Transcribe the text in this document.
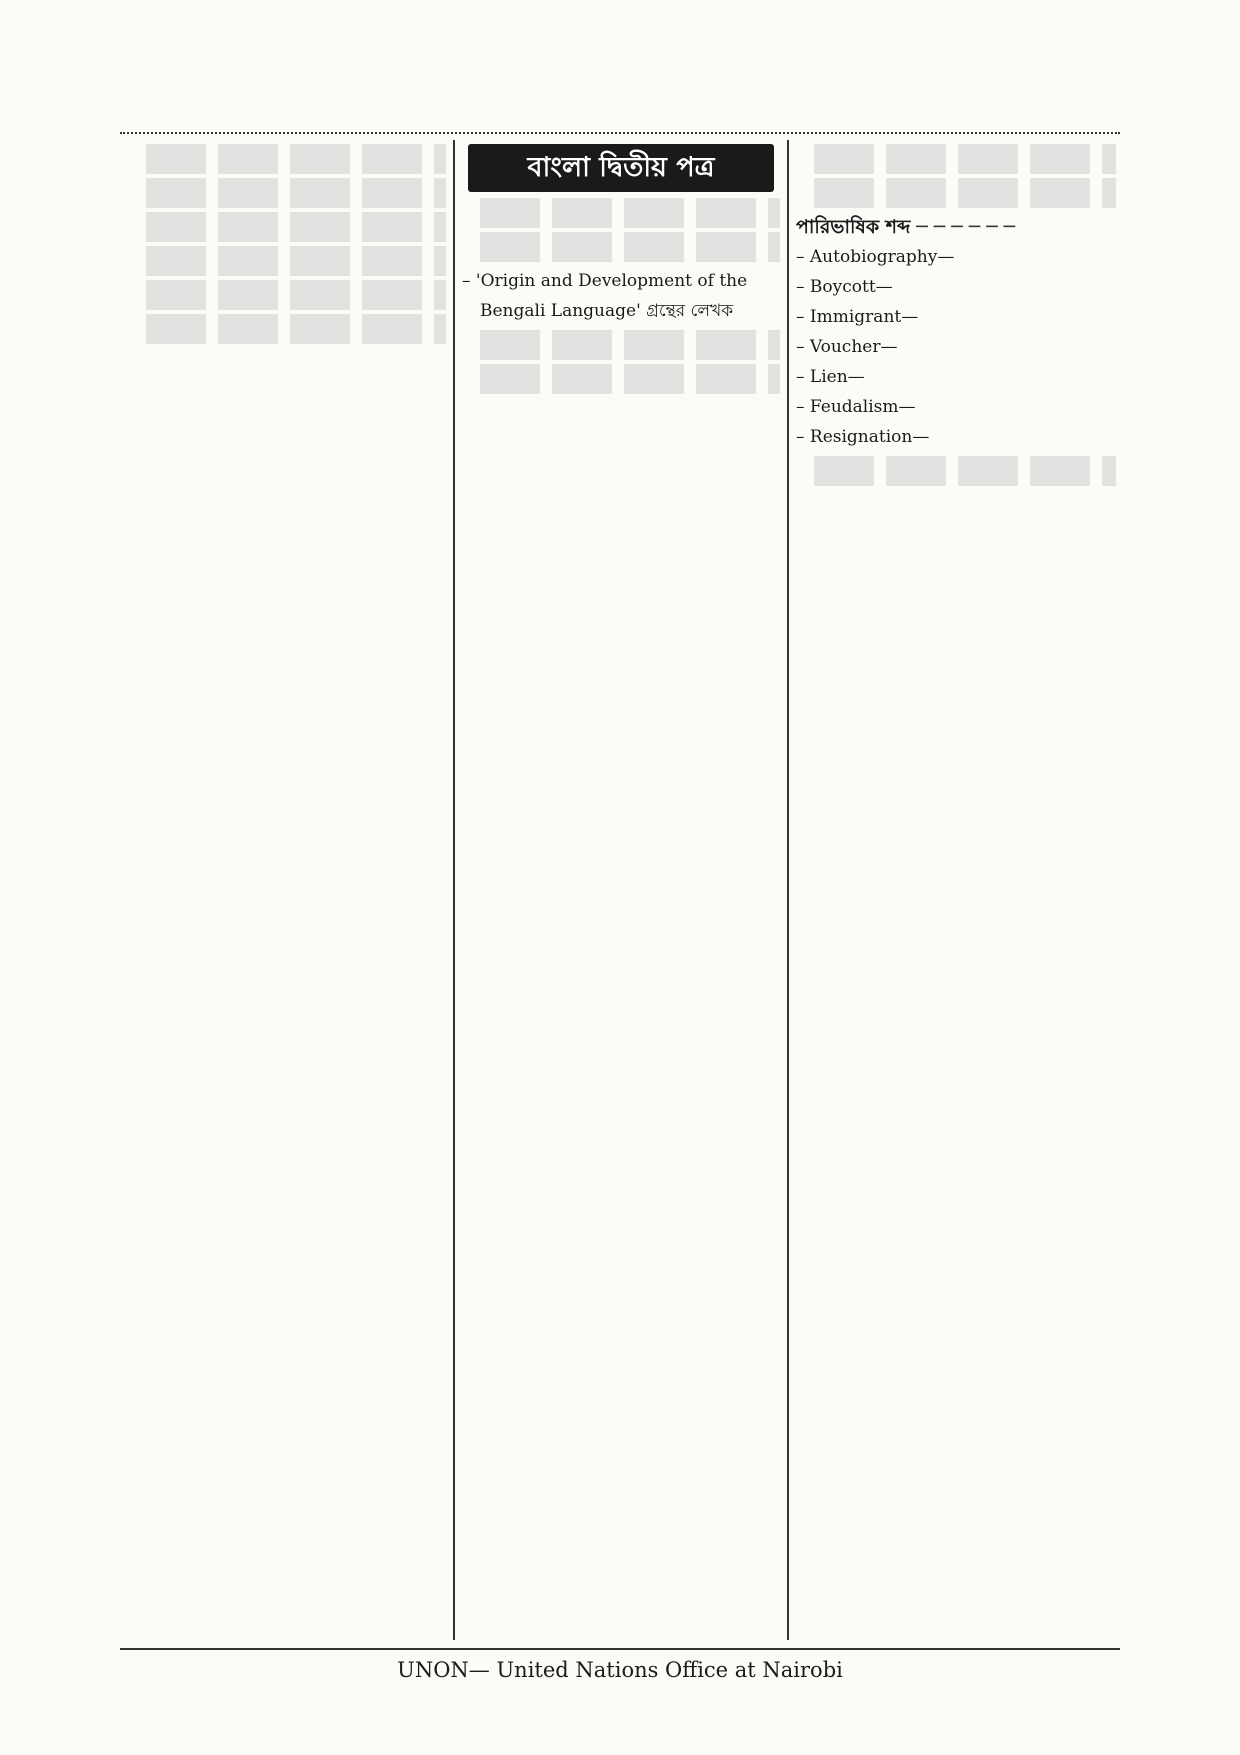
বাংলা দ্বিতীয় পত্র
– 'Origin and Development of the Bengali Language' গ্রন্থের লেখক
পারিভাষিক শব্দ ─ ─ ─ ─ ─ ─
– Autobiography—
– Boycott—
– Immigrant—
– Voucher—
– Lien—
– Feudalism—
– Resignation—
UNON— United Nations Office at Nairobi
